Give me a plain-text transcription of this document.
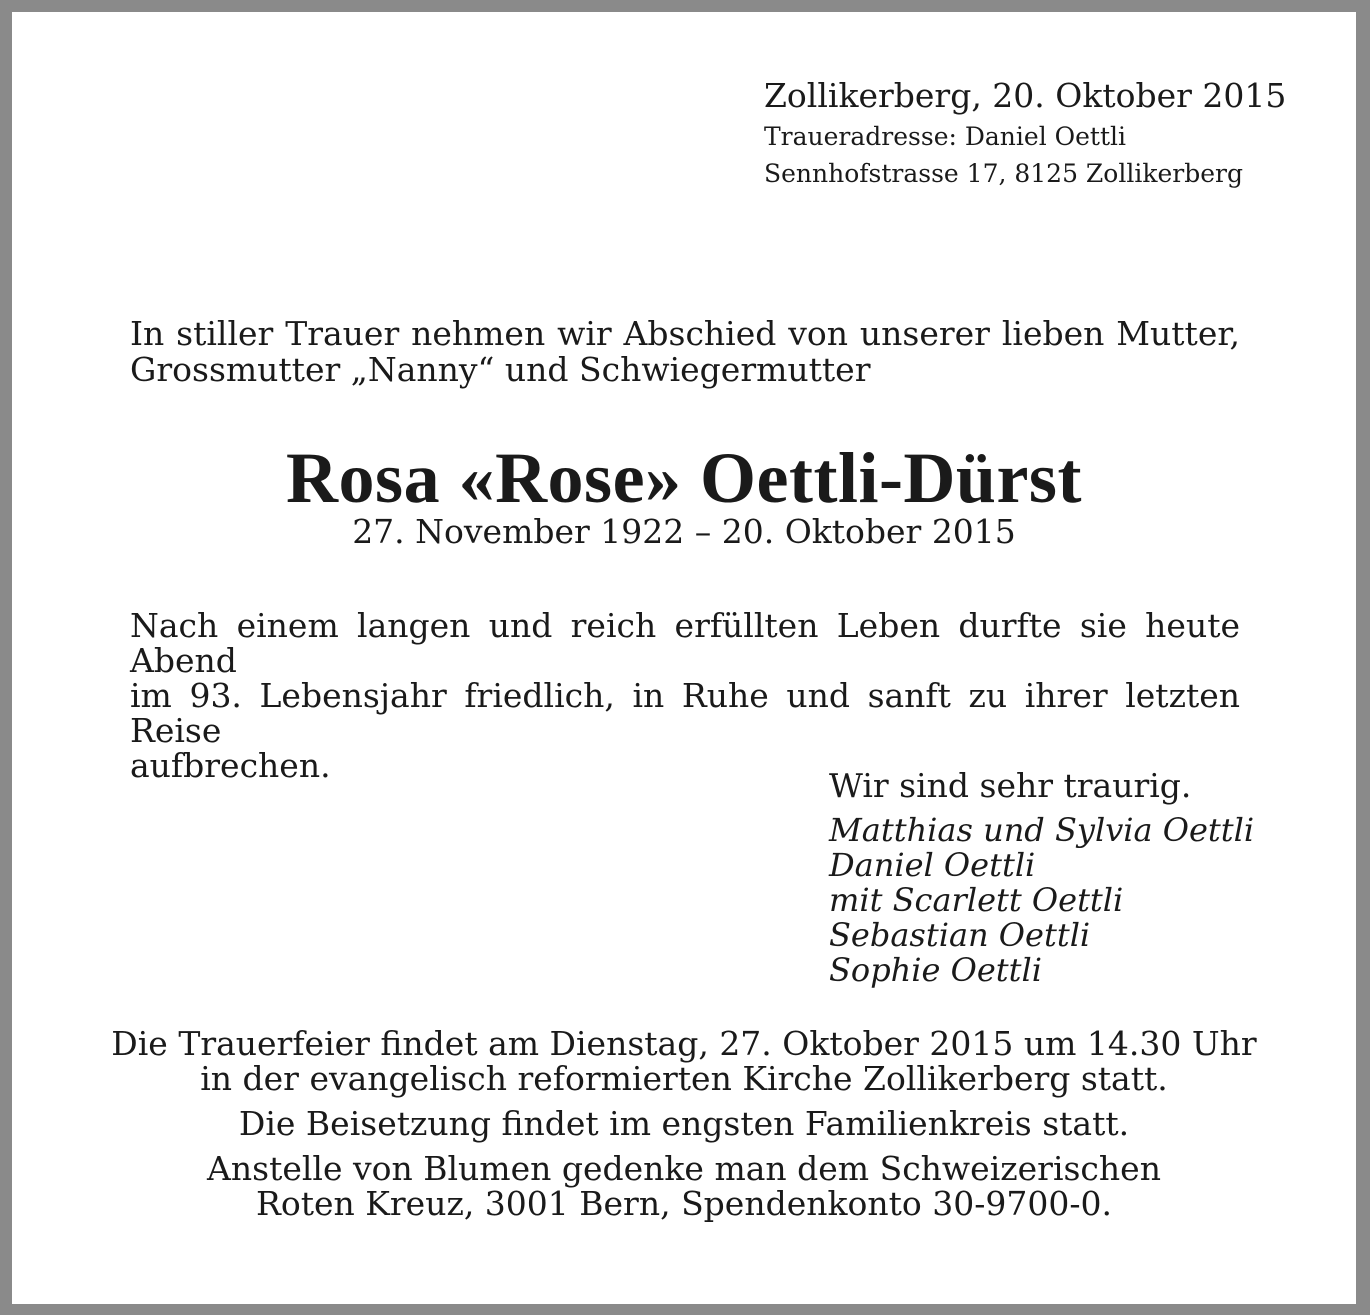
Zollikerberg, 20. Oktober 2015
Traueradresse: Daniel Oettli
Sennhofstrasse 17, 8125 Zollikerberg
In stiller Trauer nehmen wir Abschied von unserer lieben Mutter,
Grossmutter „Nanny“ und Schwiegermutter
Rosa «Rose» Oettli-Dürst
27. November 1922 – 20. Oktober 2015
Nach einem langen und reich erfüllten Leben durfte sie heute Abend
im 93. Lebensjahr friedlich, in Ruhe und sanft zu ihrer letzten Reise
aufbrechen.
Wir sind sehr traurig.
Matthias und Sylvia Oettli
Daniel Oettli
mit Scarlett Oettli
Sebastian Oettli
Sophie Oettli

Die Trauerfeier findet am Dienstag, 27. Oktober 2015 um 14.30 Uhr
in der evangelisch reformierten Kirche Zollikerberg statt.

Die Beisetzung findet im engsten Familienkreis statt.

Anstelle von Blumen gedenke man dem Schweizerischen
Roten Kreuz, 3001 Bern, Spendenkonto 30-9700-0.
